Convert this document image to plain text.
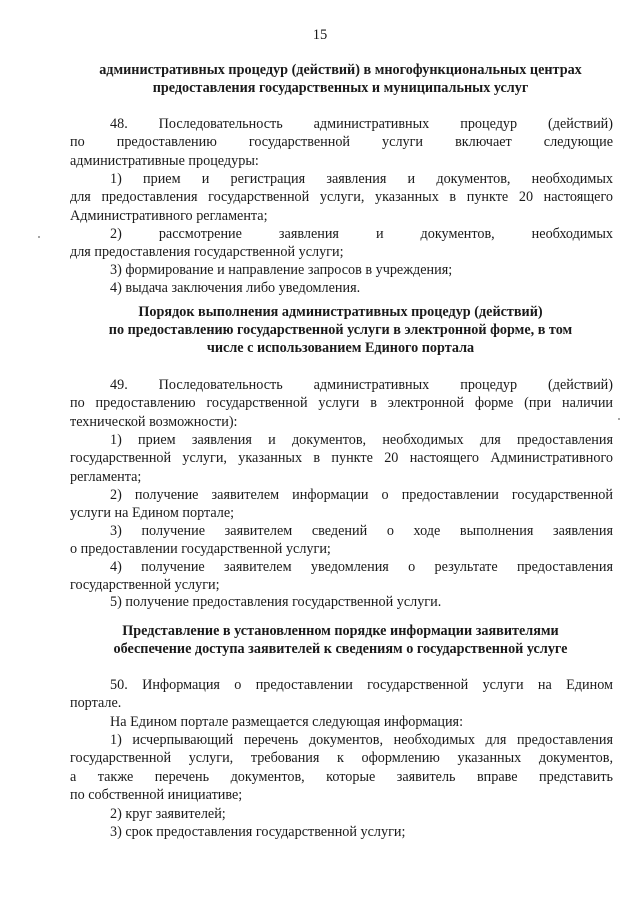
15
административных процедур (действий) в многофункциональных центрах
предоставления государственных и муниципальных услуг
48. Последовательность административных процедур (действий)
по предоставлению государственной услуги включает следующие
административные процедуры:
1) прием и регистрация заявления и документов, необходимых
для предоставления государственной услуги, указанных в пункте 20 настоящего
Административного регламента;
2) рассмотрение заявления и документов, необходимых
для предоставления государственной услуги;
3) формирование и направление запросов в учреждения;
4) выдача заключения либо уведомления.
Порядок выполнения административных процедур (действий)
по предоставлению государственной услуги в электронной форме, в том
числе с использованием Единого портала
49. Последовательность административных процедур (действий)
по предоставлению государственной услуги в электронной форме (при наличии
технической возможности):
1) прием заявления и документов, необходимых для предоставления
государственной услуги, указанных в пункте 20 настоящего Административного
регламента;
2) получение заявителем информации о предоставлении государственной
услуги на Едином портале;
3) получение заявителем сведений о ходе выполнения заявления
о предоставлении государственной услуги;
4) получение заявителем уведомления о результате предоставления
государственной услуги;
5) получение предоставления государственной услуги.
Представление в установленном порядке информации заявителями
обеспечение доступа заявителей к сведениям о государственной услуге
50. Информация о предоставлении государственной услуги на Едином
портале.
На Едином портале размещается следующая информация:
1) исчерпывающий перечень документов, необходимых для предоставления
государственной услуги, требования к оформлению указанных документов,
а также перечень документов, которые заявитель вправе представить
по собственной инициативе;
2) круг заявителей;
3) срок предоставления государственной услуги;
